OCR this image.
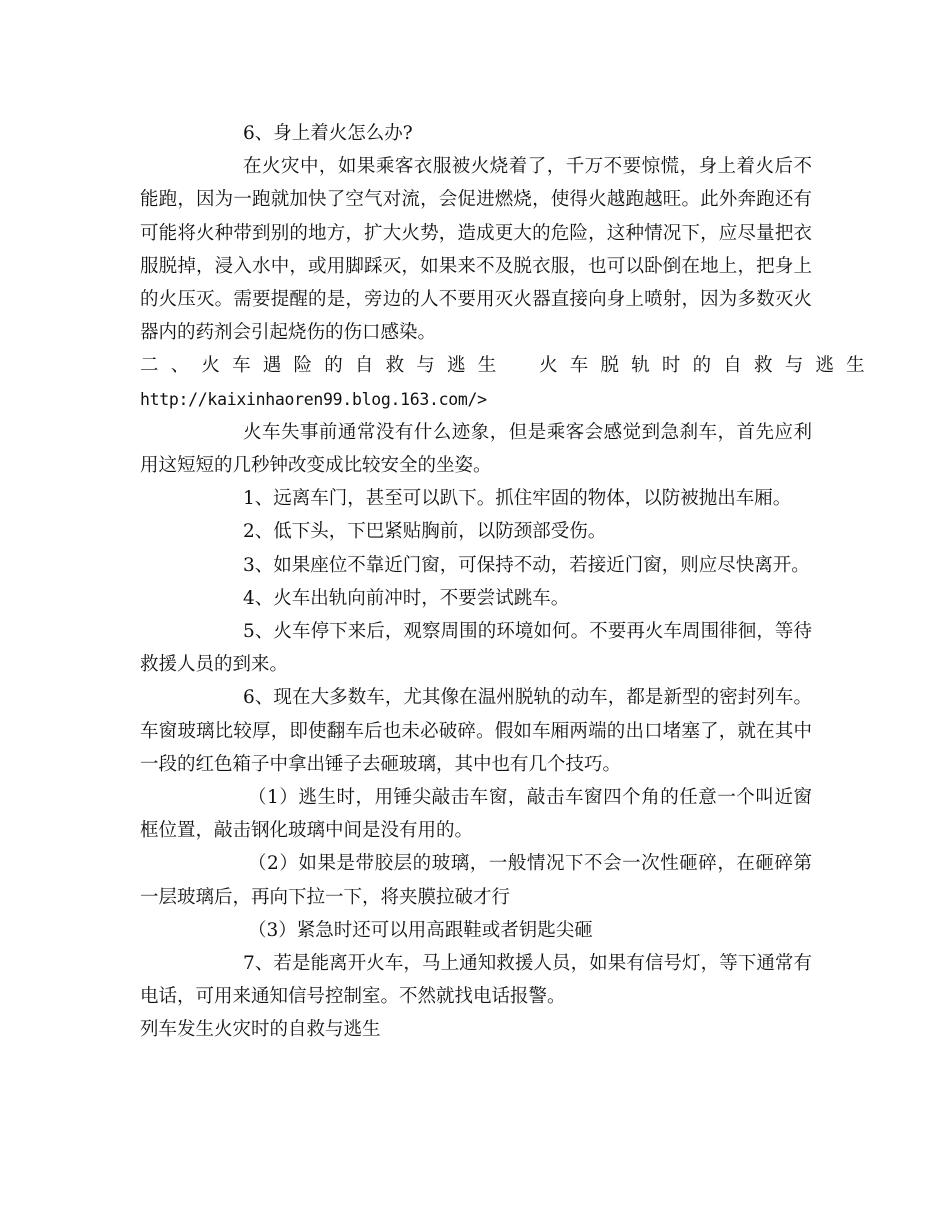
6、身上着火怎么办?

在火灾中，如果乘客衣服被火烧着了，千万不要惊慌，身上着火后不能跑，因为一跑就加快了空气对流，会促进燃烧，使得火越跑越旺。此外奔跑还有可能将火种带到别的地方，扩大火势，造成更大的危险，这种情况下，应尽量把衣服脱掉，浸入水中，或用脚踩灭，如果来不及脱衣服，也可以卧倒在地上，把身上的火压灭。需要提醒的是，旁边的人不要用灭火器直接向身上喷射，因为多数灭火器内的药剂会引起烧伤的伤口感染。

二、火车遇险的自救与逃生　火车脱轨时的自救与逃生

http://kaixinhaoren99.blog.163.com/>

火车失事前通常没有什么迹象，但是乘客会感觉到急刹车，首先应利用这短短的几秒钟改变成比较安全的坐姿。

1、远离车门，甚至可以趴下。抓住牢固的物体，以防被抛出车厢。

2、低下头，下巴紧贴胸前，以防颈部受伤。

3、如果座位不靠近门窗，可保持不动，若接近门窗，则应尽快离开。

4、火车出轨向前冲时，不要尝试跳车。

5、火车停下来后，观察周围的环境如何。不要再火车周围徘徊，等待救援人员的到来。

6、现在大多数车，尤其像在温州脱轨的动车，都是新型的密封列车。车窗玻璃比较厚，即使翻车后也未必破碎。假如车厢两端的出口堵塞了，就在其中一段的红色箱子中拿出锤子去砸玻璃，其中也有几个技巧。

（1）逃生时，用锤尖敲击车窗，敲击车窗四个角的任意一个叫近窗框位置，敲击钢化玻璃中间是没有用的。

（2）如果是带胶层的玻璃，一般情况下不会一次性砸碎，在砸碎第一层玻璃后，再向下拉一下，将夹膜拉破才行

（3）紧急时还可以用高跟鞋或者钥匙尖砸

7、若是能离开火车，马上通知救援人员，如果有信号灯，等下通常有电话，可用来通知信号控制室。不然就找电话报警。

列车发生火灾时的自救与逃生
